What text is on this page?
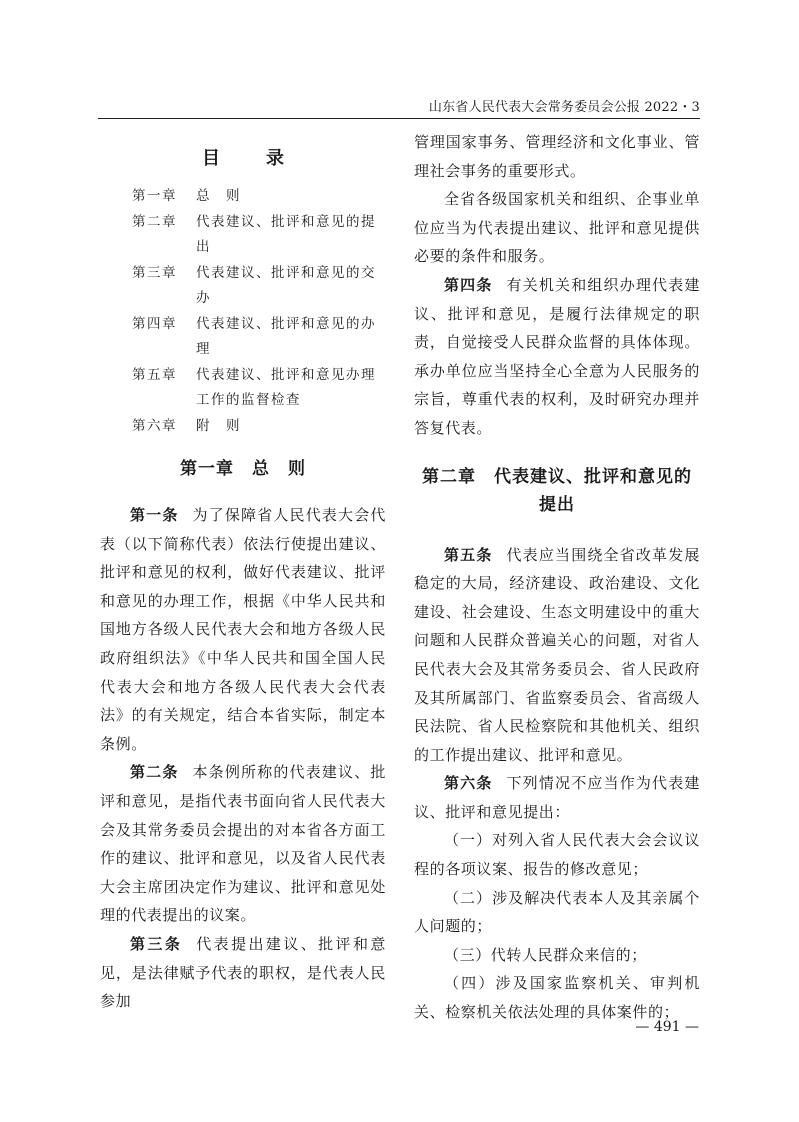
山东省人民代表大会常务委员会公报 2022・3
目　录
第一章	总　则
第二章	代表建议、批评和意见的提出
第三章	代表建议、批评和意见的交办
第四章	代表建议、批评和意见的办理
第五章	代表建议、批评和意见办理工作的监督检查
第六章	附　则
第一章　总　则

第一条 为了保障省人民代表大会代表（以下简称代表）依法行使提出建议、批评和意见的权利，做好代表建议、批评和意见的办理工作，根据《中华人民共和国地方各级人民代表大会和地方各级人民政府组织法》《中华人民共和国全国人民代表大会和地方各级人民代表大会代表法》的有关规定，结合本省实际，制定本条例。

第二条 本条例所称的代表建议、批评和意见，是指代表书面向省人民代表大会及其常务委员会提出的对本省各方面工作的建议、批评和意见，以及省人民代表大会主席团决定作为建议、批评和意见处理的代表提出的议案。

第三条 代表提出建议、批评和意见，是法律赋予代表的职权，是代表人民参加

管理国家事务、管理经济和文化事业、管理社会事务的重要形式。

全省各级国家机关和组织、企事业单位应当为代表提出建议、批评和意见提供必要的条件和服务。

第四条 有关机关和组织办理代表建议、批评和意见，是履行法律规定的职责，自觉接受人民群众监督的具体体现。承办单位应当坚持全心全意为人民服务的宗旨，尊重代表的权利，及时研究办理并答复代表。

第二章 代表建议、批评和意见的提出

第五条 代表应当围绕全省改革发展稳定的大局，经济建设、政治建设、文化建设、社会建设、生态文明建设中的重大问题和人民群众普遍关心的问题，对省人民代表大会及其常务委员会、省人民政府及其所属部门、省监察委员会、省高级人民法院、省人民检察院和其他机关、组织的工作提出建议、批评和意见。

第六条 下列情况不应当作为代表建议、批评和意见提出：

（一）对列入省人民代表大会会议议程的各项议案、报告的修改意见；

（二）涉及解决代表本人及其亲属个人问题的；

（三）代转人民群众来信的；

（四）涉及国家监察机关、审判机关、检察机关依法处理的具体案件的；

— 491 —
